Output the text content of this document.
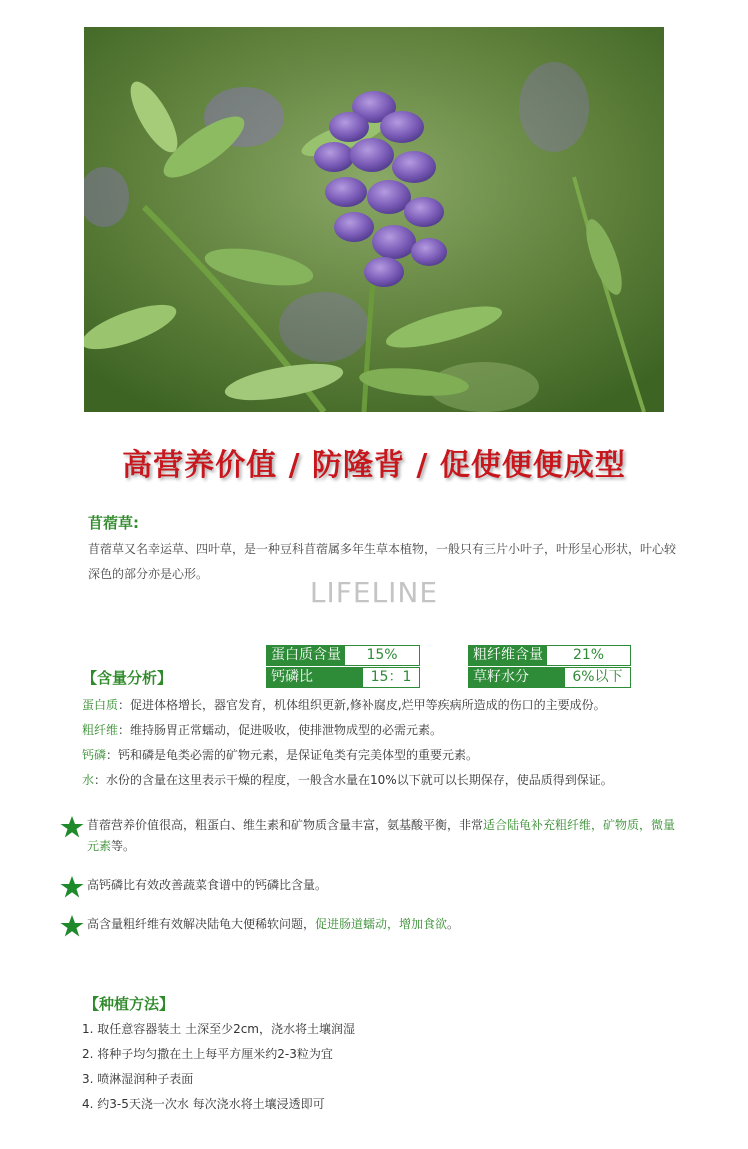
高营养价值 / 防隆背 / 促使便便成型
苜蓿草:
苜蓿草又名幸运草、四叶草，是一种豆科苜蓿属多年生草本植物，一般只有三片小叶子，叶形呈心形状，叶心较深色的部分亦是心形。
LIFELINE
蛋白质含量	15%	粗纤维含量	21%
钙磷比	15：1	草籽水分	6%以下
【含量分析】
蛋白质：促进体格增长，器官发育，机体组织更新,修补腐皮,烂甲等疾病所造成的伤口的主要成份。
粗纤维：维持肠胃正常蠕动，促进吸收，使排泄物成型的必需元素。
钙磷：钙和磷是龟类必需的矿物元素，是保证龟类有完美体型的重要元素。
水：水份的含量在这里表示干燥的程度，一般含水量在10%以下就可以长期保存，使品质得到保证。
苜蓿营养价值很高，粗蛋白、维生素和矿物质含量丰富，氨基酸平衡，非常适合陆龟补充粗纤维，矿物质，微量元素等。
高钙磷比有效改善蔬菜食谱中的钙磷比含量。
高含量粗纤维有效解决陆龟大便稀软问题，促进肠道蠕动，增加食欲。
【种植方法】
1. 取任意容器装土 土深至少2cm，浇水将土壤润湿
2. 将种子均匀撒在土上每平方厘米约2-3粒为宜
3. 喷淋湿润种子表面
4. 约3-5天浇一次水 每次浇水将土壤浸透即可
